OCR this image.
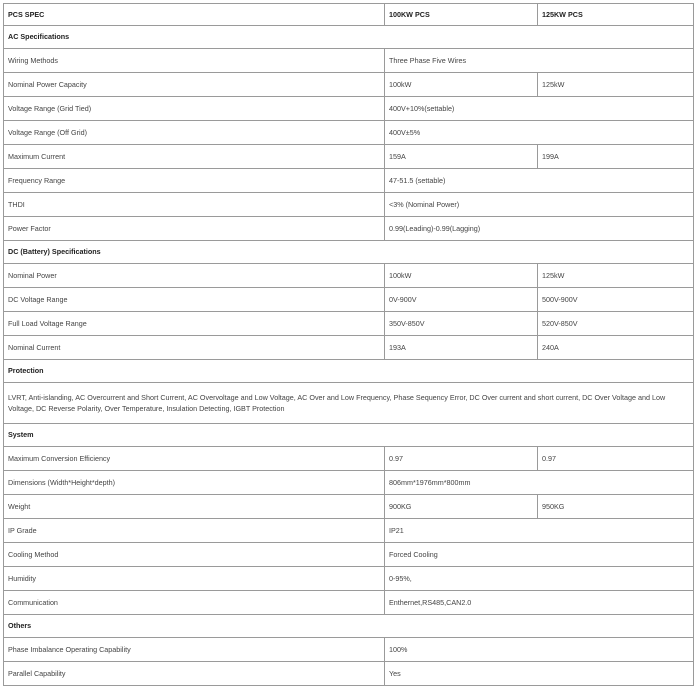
PCS SPEC	100KW PCS	125KW PCS
AC Specifications		
Wiring Methods	Three Phase Five Wires	
Nominal Power Capacity	100kW	125kW
Voltage Range (Grid Tied)	400V+10%(settable)	
Voltage Range (Off Grid)	400V±5%	
Maximum Current	159A	199A
Frequency Range	47-51.5 (settable)	
THDI	<3% (Nominal Power)	
Power Factor	0.99(Leading)-0.99(Lagging)	
DC (Battery) Specifications		
Nominal Power	100kW	125kW
DC Voltage Range	0V-900V	500V-900V
Full Load Voltage Range	350V-850V	520V-850V
Nominal Current	193A	240A
Protection		
LVRT, Anti-islanding, AC Overcurrent and Short Current, AC Overvoltage and Low Voltage, AC Over and Low Frequency, Phase Sequency Error, DC Over current and short current, DC Over Voltage and Low Voltage, DC Reverse Polarity, Over Temperature, Insulation Detecting, IGBT Protection		
System		
Maximum Conversion Efficiency	0.97	0.97
Dimensions (Width*Height*depth)	806mm*1976mm*800mm	
Weight	900KG	950KG
IP Grade	IP21	
Cooling Method	Forced Cooling	
Humidity	0-95%,	
Communication	Enthernet,RS485,CAN2.0	
Others		
Phase Imbalance Operating Capability	100%	
Parallel Capability	Yes	
